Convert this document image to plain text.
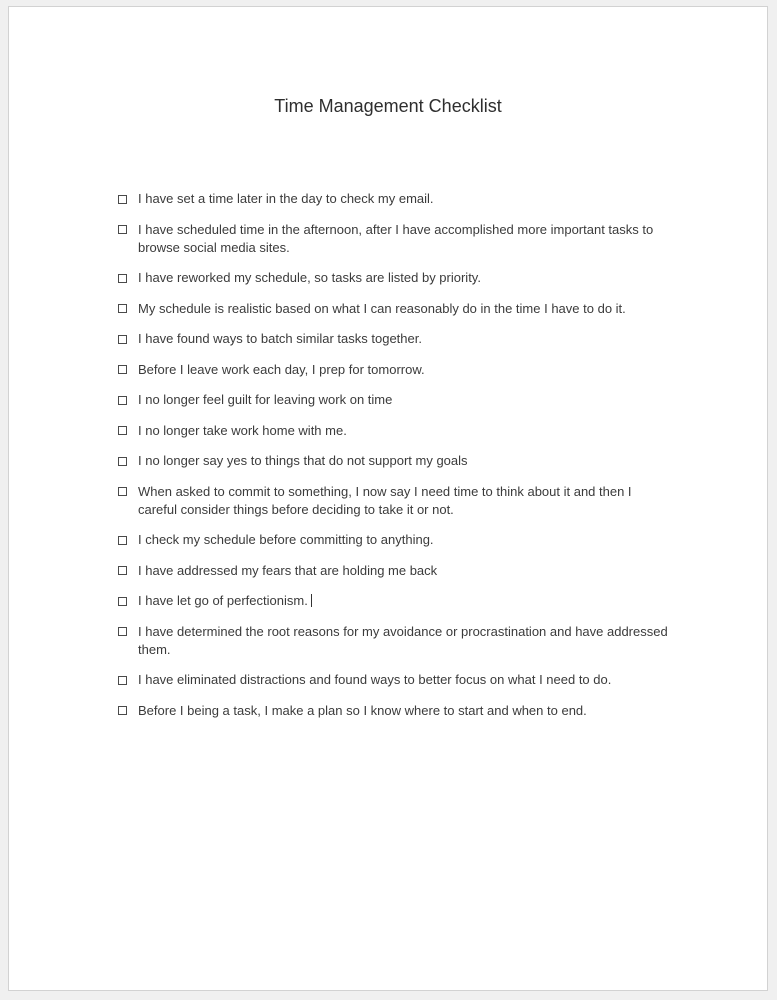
Time Management Checklist
I have set a time later in the day to check my email.
I have scheduled time in the afternoon, after I have accomplished more important tasks to browse social media sites.
I have reworked my schedule, so tasks are listed by priority.
My schedule is realistic based on what I can reasonably do in the time I have to do it.
I have found ways to batch similar tasks together.
Before I leave work each day, I prep for tomorrow.
I no longer feel guilt for leaving work on time
I no longer take work home with me.
I no longer say yes to things that do not support my goals
When asked to commit to something, I now say I need time to think about it and then I careful consider things before deciding to take it or not.
I check my schedule before committing to anything.
I have addressed my fears that are holding me back
I have let go of perfectionism.
I have determined the root reasons for my avoidance or procrastination and have addressed them.
I have eliminated distractions and found ways to better focus on what I need to do.
Before I being a task, I make a plan so I know where to start and when to end.
